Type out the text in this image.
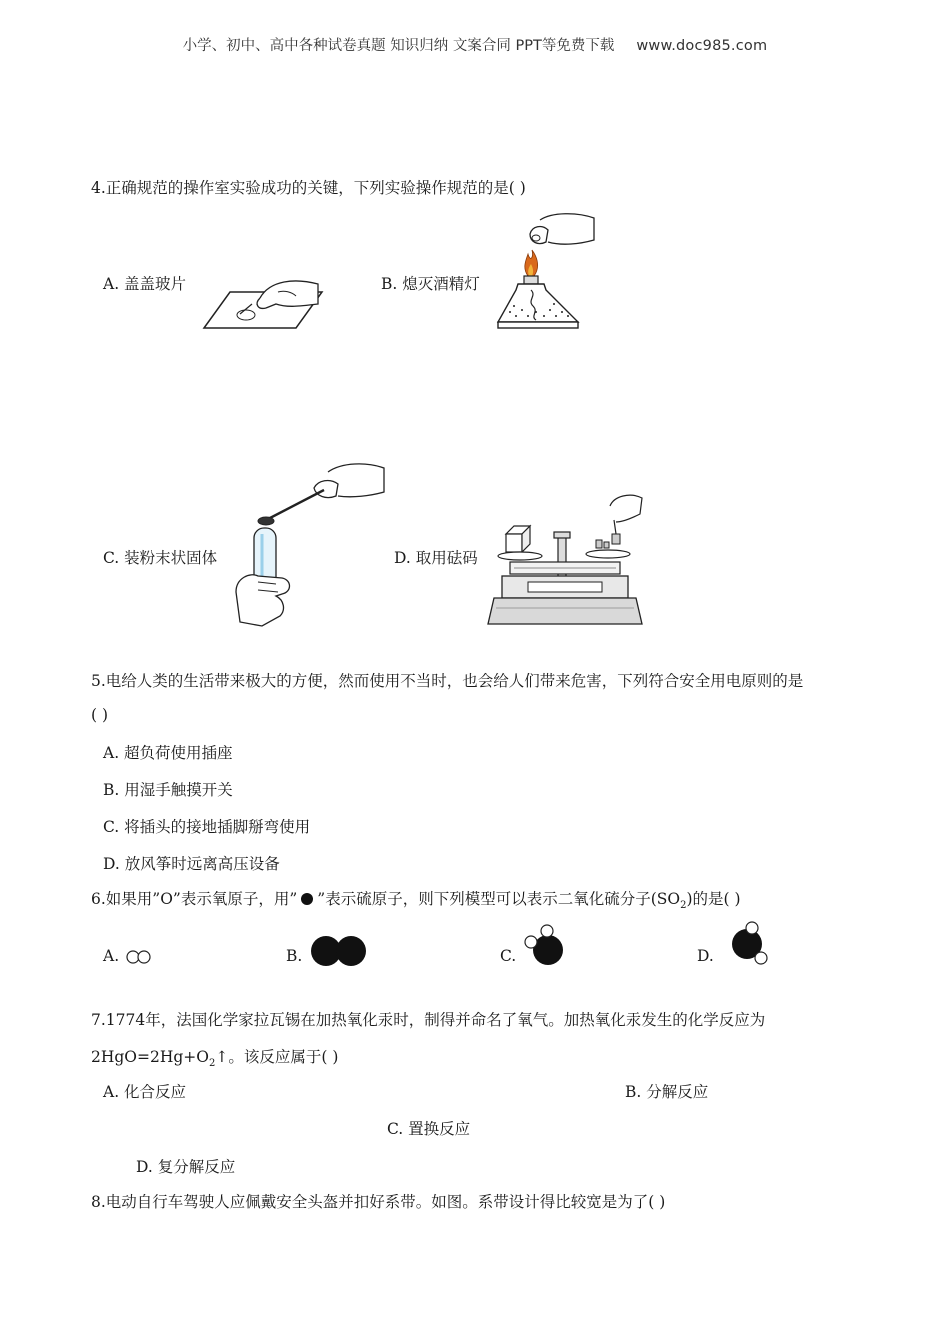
小学、初中、高中各种试卷真题 知识归纳 文案合同 PPT等免费下载 www.doc985.com
4.正确规范的操作室实验成功的关键，下列实验操作规范的是( )
A. 盖盖玻片	B. 熄灭酒精灯
C. 装粉末状固体	D. 取用砝码
5.电给人类的生活带来极大的方便，然而使用不当时，也会给人们带来危害，下列符合安全用电原则的是
( )
A. 超负荷使用插座
B. 用湿手触摸开关
C. 将插头的接地插脚掰弯使用
D. 放风筝时远离高压设备
6.如果用”O”表示氧原子，用” ”表示硫原子，则下列模型可以表示二氧化硫分子$(SO_2)$的是( )
A.	B.	C.	D.
7.1774年，法国化学家拉瓦锡在加热氧化汞时，制得并命名了氧气。加热氧化汞发生的化学反应为
$2HgO=2Hg+O_2↑$。该反应属于( )
A. 化合反应	B. 分解反应
C. 置换反应
D. 复分解反应
8.电动自行车驾驶人应佩戴安全头盔并扣好系带。如图。系带设计得比较宽是为了( )
